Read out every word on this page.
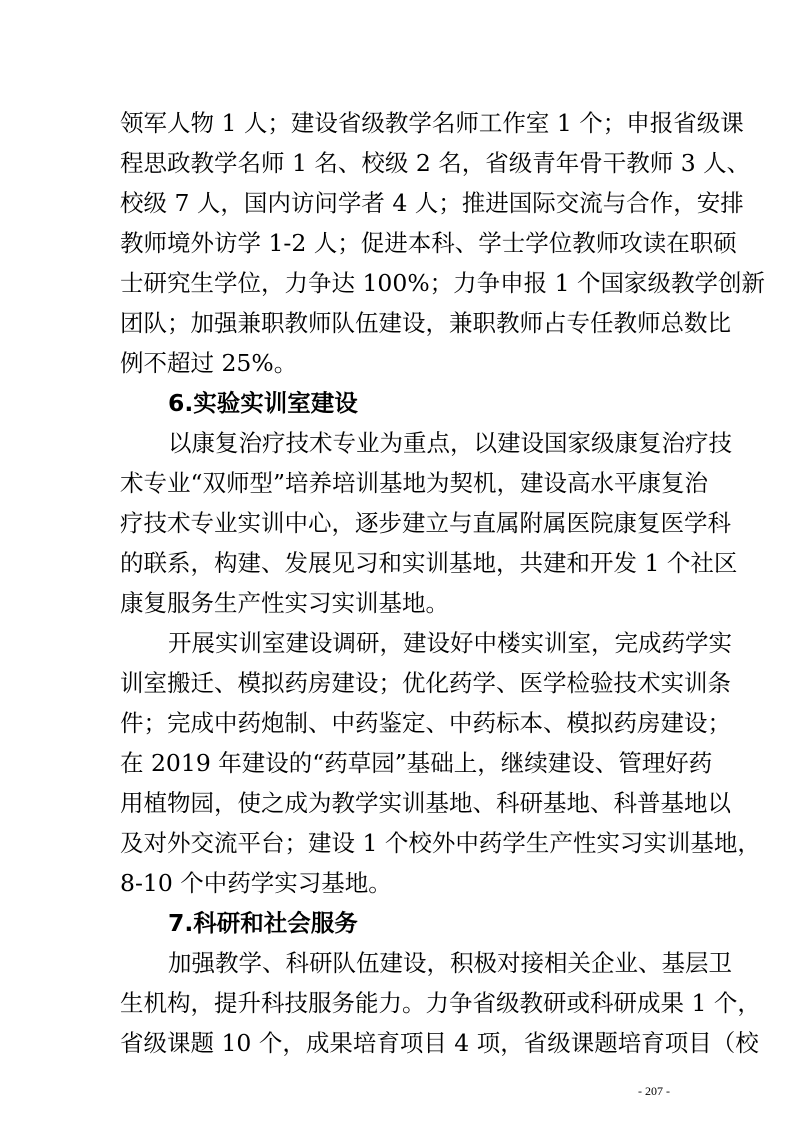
领军人物 1 人；建设省级教学名师工作室 1 个；申报省级课
程思政教学名师 1 名、校级 2 名，省级青年骨干教师 3 人、
校级 7 人，国内访问学者 4 人；推进国际交流与合作，安排
教师境外访学 1-2 人；促进本科、学士学位教师攻读在职硕
士研究生学位，力争达 100%；力争申报 1 个国家级教学创新
团队；加强兼职教师队伍建设，兼职教师占专任教师总数比
例不超过 25%。
6.实验实训室建设
以康复治疗技术专业为重点，以建设国家级康复治疗技
术专业“双师型”培养培训基地为契机，建设高水平康复治
疗技术专业实训中心，逐步建立与直属附属医院康复医学科
的联系，构建、发展见习和实训基地，共建和开发 1 个社区
康复服务生产性实习实训基地。
开展实训室建设调研，建设好中楼实训室，完成药学实
训室搬迁、模拟药房建设；优化药学、医学检验技术实训条
件；完成中药炮制、中药鉴定、中药标本、模拟药房建设；
在 2019 年建设的“药草园”基础上，继续建设、管理好药
用植物园，使之成为教学实训基地、科研基地、科普基地以
及对外交流平台；建设 1 个校外中药学生产性实习实训基地，
8-10 个中药学实习基地。
7.科研和社会服务
- 207 -
加强教学、科研队伍建设，积极对接相关企业、基层卫
生机构，提升科技服务能力。力争省级教研或科研成果 1 个，
省级课题 10 个，成果培育项目 4 项，省级课题培育项目（校
